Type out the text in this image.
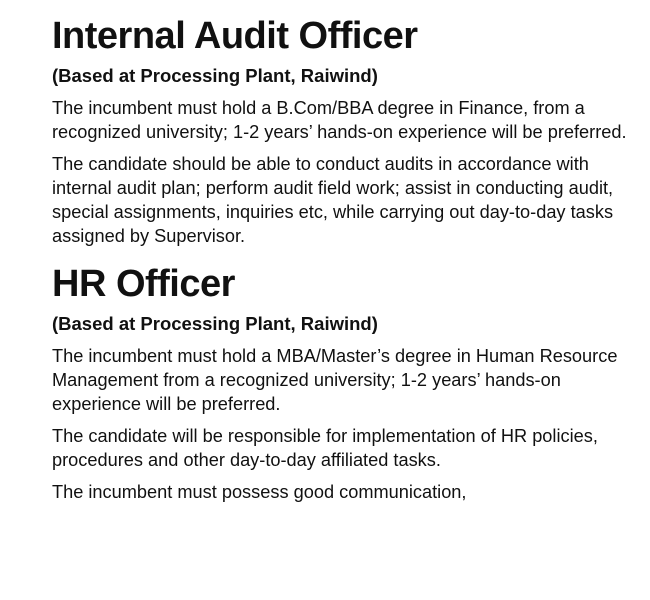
Internal Audit Officer
(Based at Processing Plant, Raiwind)

The incumbent must hold a B.Com/BBA degree in Finance, from a recognized university; 1-2 years’ hands-on experience will be preferred.

The candidate should be able to conduct audits in accordance with internal audit plan; perform audit field work; assist in conducting audit, special assignments, inquiries etc, while carrying out day-to-day tasks assigned by Supervisor.

HR Officer
(Based at Processing Plant, Raiwind)

The incumbent must hold a MBA/Master’s degree in Human Resource Management from a recognized university; 1-2 years’ hands-on experience will be preferred.

The candidate will be responsible for implementation of HR policies, procedures and other day-to-day affiliated tasks.

The incumbent must possess good communication,
